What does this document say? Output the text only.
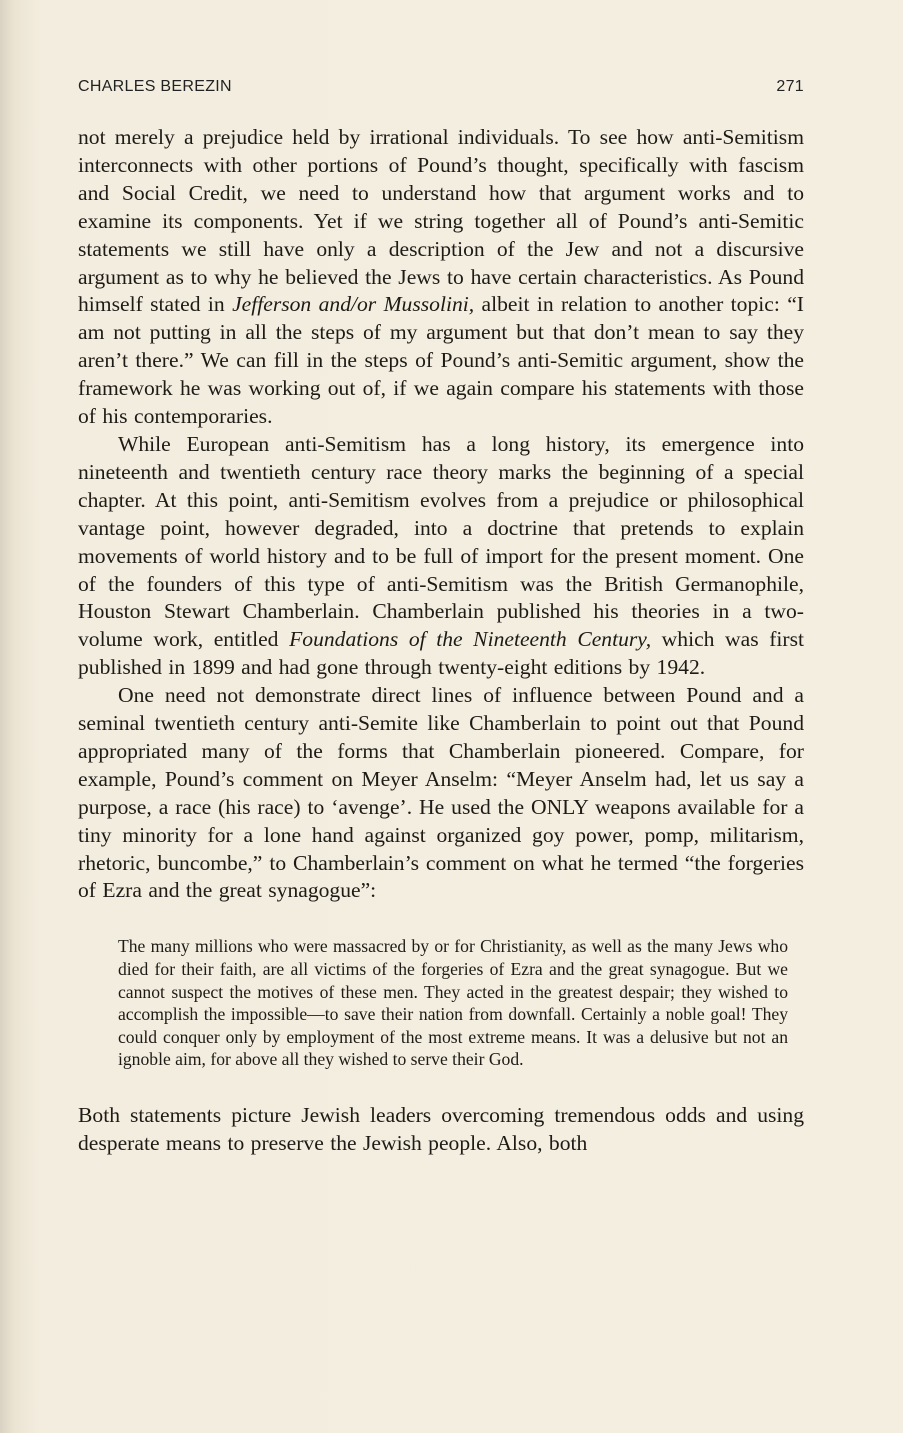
CHARLES BEREZIN	271

not merely a prejudice held by irrational individuals. To see how anti-Semitism interconnects with other portions of Pound’s thought, specifically with fascism and Social Credit, we need to understand how that argument works and to examine its components. Yet if we string together all of Pound’s anti-Semitic statements we still have only a description of the Jew and not a discursive argument as to why he believed the Jews to have certain characteristics. As Pound himself stated in Jefferson and/or Mussolini, albeit in relation to another topic: “I am not putting in all the steps of my argument but that don’t mean to say they aren’t there.” We can fill in the steps of Pound’s anti-Semitic argument, show the framework he was working out of, if we again compare his statements with those of his contemporaries.

While European anti-Semitism has a long history, its emergence into nineteenth and twentieth century race theory marks the beginning of a special chapter. At this point, anti-Semitism evolves from a prejudice or philosophical vantage point, however degraded, into a doctrine that pretends to explain movements of world history and to be full of import for the present moment. One of the founders of this type of anti-Semitism was the British Germanophile, Houston Stewart Chamberlain. Chamberlain published his theories in a two-volume work, entitled Foundations of the Nineteenth Century, which was first published in 1899 and had gone through twenty-eight editions by 1942.

One need not demonstrate direct lines of influence between Pound and a seminal twentieth century anti-Semite like Chamberlain to point out that Pound appropriated many of the forms that Chamberlain pioneered. Compare, for example, Pound’s comment on Meyer Anselm: “Meyer Anselm had, let us say a purpose, a race (his race) to ‘avenge’. He used the ONLY weapons available for a tiny minority for a lone hand against organized goy power, pomp, militarism, rhetoric, buncombe,” to Chamberlain’s comment on what he termed “the forgeries of Ezra and the great synagogue”:

The many millions who were massacred by or for Christianity, as well as the many Jews who died for their faith, are all victims of the forgeries of Ezra and the great synagogue. But we cannot suspect the motives of these men. They acted in the greatest despair; they wished to accomplish the impossible—to save their nation from downfall. Certainly a noble goal! They could conquer only by employment of the most extreme means. It was a delusive but not an ignoble aim, for above all they wished to serve their God.

Both statements picture Jewish leaders overcoming tremendous odds and using desperate means to preserve the Jewish people. Also, both
